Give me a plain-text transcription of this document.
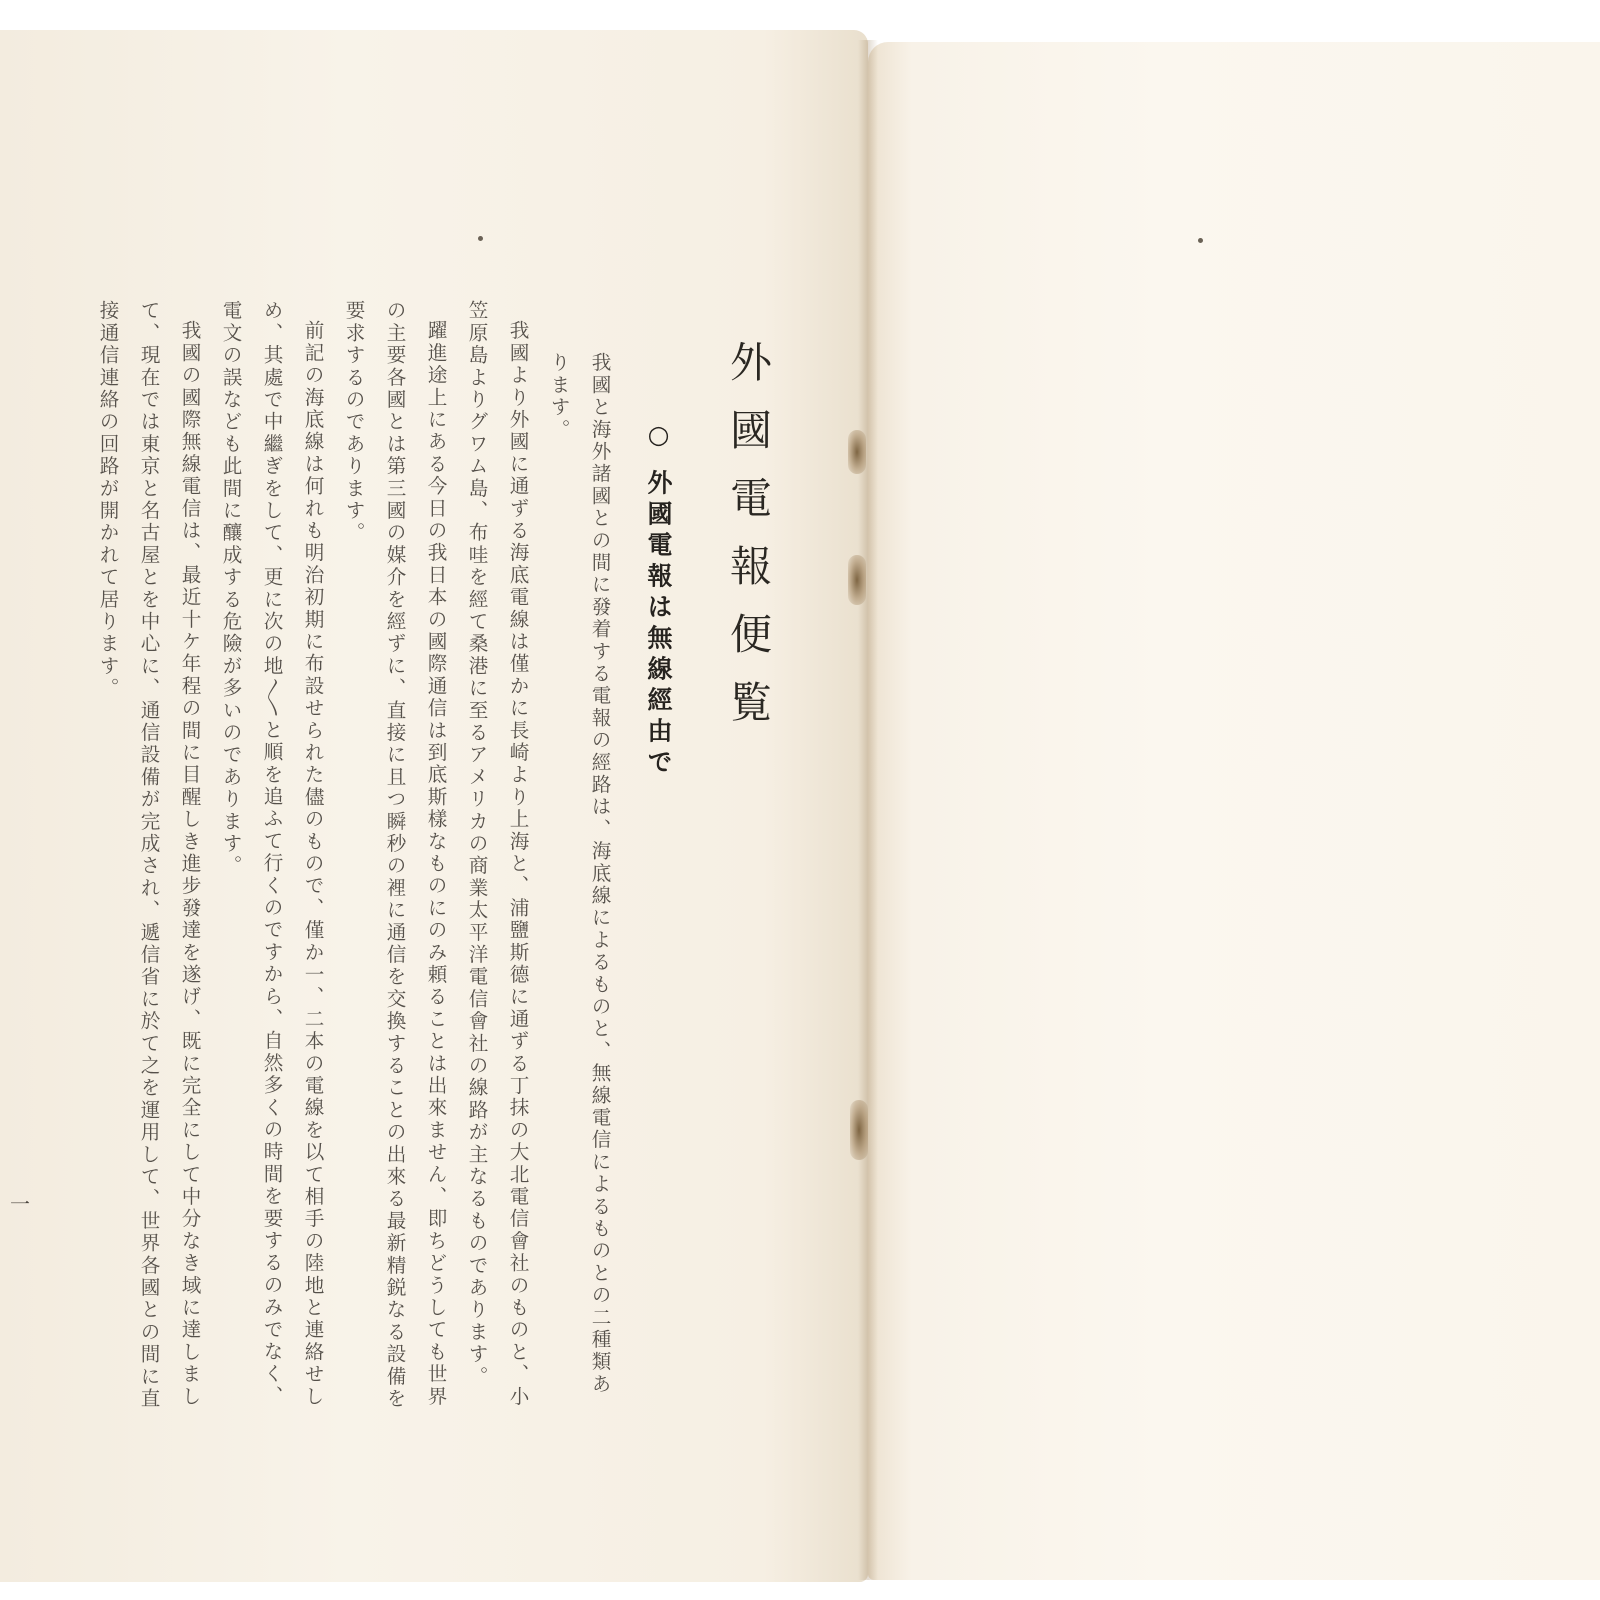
外國電報便覧
○ 外國電報は無線經由で

我國と海外諸國との間に發着する電報の經路は、海底線によるものと、無線電信によるものとの二種類あります。

我國より外國に通ずる海底電線は僅かに長崎より上海と、浦鹽斯德に通ずる丁抹の大北電信會社のものと、小笠原島よりグワム島、布哇を經て桑港に至るアメリカの商業太平洋電信會社の線路が主なるものであります。

躍進途上にある今日の我日本の國際通信は到底斯樣なものにのみ頼ることは出來ません、即ちどうしても世界の主要各國とは第三國の媒介を經ずに、直接に且つ瞬秒の裡に通信を交換することの出來る最新精鋭なる設備を要求するのであります。

前記の海底線は何れも明治初期に布設せられた儘のもので、僅か一、二本の電線を以て相手の陸地と連絡せしめ、其處で中繼ぎをして、更に次の地〳〵と順を追ふて行くのですから、自然多くの時間を要するのみでなく、電文の誤なども此間に釀成する危險が多いのであります。

我國の國際無線電信は、最近十ケ年程の間に目醒しき進步發達を遂げ、既に完全にして中分なき域に達しまして、現在では東京と名古屋とを中心に、通信設備が完成され、遞信省に於て之を運用して、世界各國との間に直接通信連絡の回路が開かれて居ります。

一
